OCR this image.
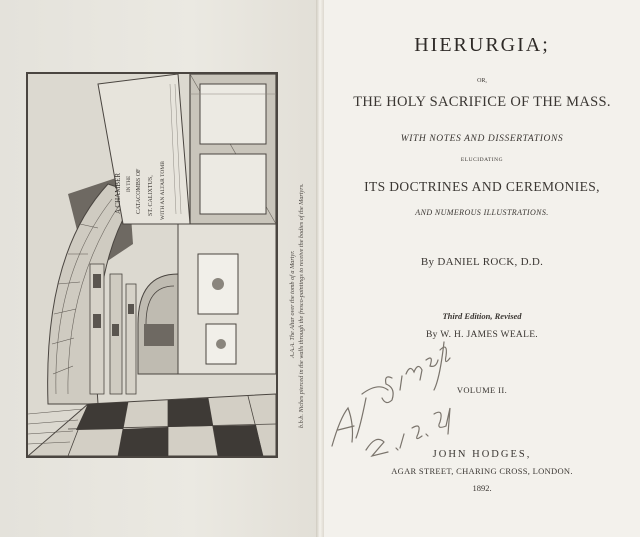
A CHAMBER IN THE CATACOMBS OF ST. CALIXTUS, WITH AN ALTAR TOMB
A.A.A. The Altar over the tomb of a Martyr. b.b.b. Niches pierced in the walls through the fresco-paintings to receive the bodies of the Martyrs.
HIERURGIA;
OR,
THE HOLY SACRIFICE OF THE MASS.
WITH NOTES AND DISSERTATIONS
ELUCIDATING
ITS DOCTRINES AND CEREMONIES,
AND NUMEROUS ILLUSTRATIONS.
By DANIEL ROCK, D.D.
Third Edition, Revised
By W. H. JAMES WEALE.
VOLUME II.
JOHN HODGES,
AGAR STREET, CHARING CROSS, LONDON.
1892.
